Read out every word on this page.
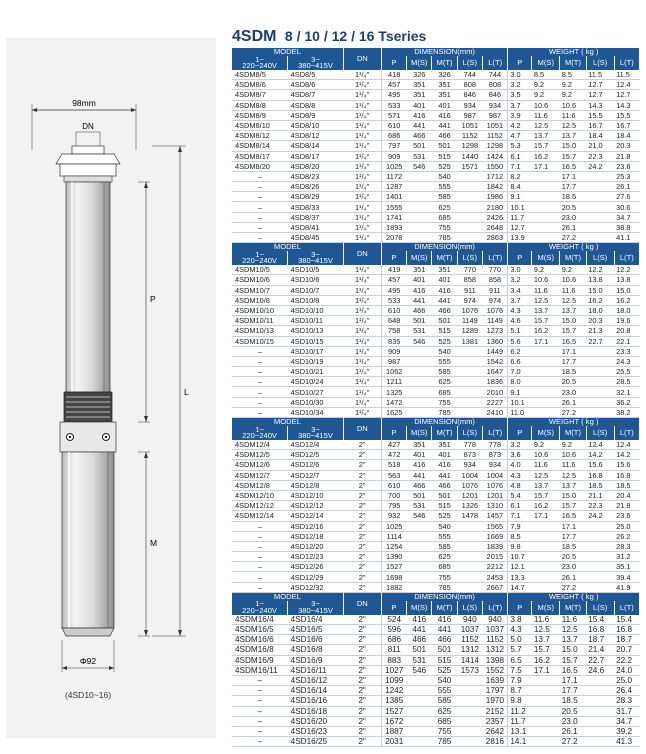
98mm
DN
P
L
M
Φ92
(4SD10~16)
4SDM 8 / 10 / 12 / 16 Tseries
MODEL		DN	DIMENSION(mm)					WEIGHT ( kg )				
1~
220~240V	3~
380~415V		P	M(S)	M(T)	L(S)	L(T)	P	M(S)	M(T)	L(S)	L(T)
4SDM8/5	4SD8/5	1¹/₄"	418	326	326	744	744	3.0	8.5	8.5	11.5	11.5
4SDM8/6	4SD8/6	1¹/₄"	457	351	351	808	808	3.2	9.2	9.2	12.7	12.4
4SDM8/7	4SD8/7	1¹/₄"	495	351	351	846	846	3.5	9.2	9.2	12.7	12.7
4SDM8/8	4SD8/8	1¹/₄"	533	401	401	934	934	3.7	10.6	10.6	14.3	14.3
4SDM8/9	4SD8/9	1¹/₄"	571	416	416	987	987	3.9	11.6	11.6	15.5	15.5
4SDM8/10	4SD8/10	1¹/₄"	610	441	441	1051	1051	4.2	12.5	12.5	16.7	16.7
4SDM8/12	4SD8/12	1¹/₄"	686	466	466	1152	1152	4.7	13.7	13.7	18.4	18.4
4SDM8/14	4SD8/14	1¹/₄"	797	501	501	1298	1298	5.3	15.7	15.0	21.0	20.3
4SDM8/17	4SD8/17	1¹/₄"	909	531	515	1440	1424	6.1	16.2	15.7	22.3	21.8
4SDM8/20	4SD8/20	1¹/₄"	1025	546	525	1571	1550	7.1	17.1	16.5	24.2	23.6
–	4SD8/23	1¹/₄"	1172		540		1712	8.2		17.1		25.3
–	4SD8/26	1¹/₄"	1287		555		1842	8.4		17.7		26.1
–	4SD8/29	1¹/₄"	1401		585		1986	9.1		18.5		27.6
–	4SD8/33	1¹/₄"	1555		625		2180	10.1		20.5		30.6
–	4SD8/37	1¹/₄"	1741		685		2426	11.7		23.0		34.7
–	4SD8/41	1¹/₄"	1893		755		2648	12.7		26.1		38.8
–	4SD8/45	1¹/₄"	2078		785		2863	13.9		27.2		41.1
MODEL		DN	DIMENSION(mm)					WEIGHT ( kg )				
1~
220~240V	3~
380~415V		P	M(S)	M(T)	L(S)	L(T)	P	M(S)	M(T)	L(S)	L(T)
4SDM10/5	4SD10/5	1¹/₄"	419	351	351	770	770	3.0	9.2	9.2	12.2	12.2
4SDM10/6	4SD10/6	1¹/₄"	457	401	401	858	858	3.2	10.6	10.6	13.8	13.8
4SDM10/7	4SD10/7	1¹/₄"	495	416	416	911	911	3.4	11.6	11.6	15.0	15.0
4SDM10/8	4SD10/8	1¹/₄"	533	441	441	974	974	3.7	12.5	12.5	16.2	16.2
4SDM10/10	4SD10/10	1¹/₄"	610	466	466	1076	1076	4.3	13.7	13.7	18.0	18.0
4SDM10/11	4SD10/11	1¹/₄"	648	501	501	1149	1149	4.6	15.7	15.0	20.3	19.6
4SDM10/13	4SD10/13	1¹/₄"	758	531	515	1289	1273	5.1	16.2	15.7	21.3	20.8
4SDM10/15	4SD10/15	1¹/₄"	835	546	525	1381	1360	5.6	17.1	16.5	22.7	22.1
–	4SD10/17	1¹/₄"	909		540		1449	6.2		17.1		23.3
–	4SD10/19	1¹/₄"	987		555		1542	6.6		17.7		24.3
–	4SD10/21	1¹/₄"	1062		585		1647	7.0		18.5		25.5
–	4SD10/24	1¹/₄"	1211		625		1836	8.0		20.5		28.5
–	4SD10/27	1¹/₄"	1325		685		2010	9.1		23.0		32.1
–	4SD10/30	1¹/₄"	1472		755		2227	10.1		26.1		36.2
–	4SD10/34	1¹/₄"	1625		785		2410	11.0		27.2		38.2
MODEL		DN	DIMENSION(mm)					WEIGHT ( kg )				
1~
220~240V	3~
380~415V		P	M(S)	M(T)	L(S)	L(T)	P	M(S)	M(T)	L(S)	L(T)
4SDM12/4	4SD12/4	2"	427	351	351	778	778	3.2	9.2	9.2	12.4	12.4
4SDM12/5	4SD12/5	2"	472	401	401	873	873	3.6	10.6	10.6	14.2	14.2
4SDM12/6	4SD12/6	2"	518	416	416	934	934	4.0	11.6	11.6	15.6	15.6
4SDM12/7	4SD12/7	2"	563	441	441	1004	1004	4.3	12.5	12.5	16.8	16.8
4SDM12/8	4SD12/8	2"	610	466	466	1076	1076	4.8	13.7	13.7	18.5	18.5
4SDM12/10	4SD12/10	2"	700	501	501	1201	1201	5.4	15.7	15.0	21.1	20.4
4SDM12/12	4SD12/12	2"	795	531	515	1326	1310	6.1	16.2	15.7	22.3	21.8
4SDM12/14	4SD12/14	2"	932	546	525	1478	1457	7.1	17.1	16.5	24.2	23.6
–	4SD12/16	2"	1025		540		1565	7.9		17.1		25.0
–	4SD12/18	2"	1114		555		1669	8.5		17.7		26.2
–	4SD12/20	2"	1254		585		1839	9.8		18.5		28.3
–	4SD12/23	2"	1390		625		2015	10.7		20.5		31.2
–	4SD12/26	2"	1527		685		2212	12.1		23.0		35.1
–	4SD12/29	2"	1698		755		2453	13.3		26.1		39.4
–	4SD12/32	2"	1882		785		2667	14.7		27.2		41.9
MODEL		DN	DIMENSION(mm)					WEIGHT ( kg )				
1~
220~240V	3~
380~415V		P	M(S)	M(T)	L(S)	L(T)	P	M(S)	M(T)	L(S)	L(T)
4SDM16/4	4SD16/4	2"	524	416	416	940	940	3.8	11.6	11.6	15.4	15.4
4SDM16/5	4SD16/5	2"	596	441	441	1037	1037	4.3	12.5	12.5	16.8	16.8
4SDM16/6	4SD16/6	2"	686	466	466	1152	1152	5.0	13.7	13.7	18.7	18.7
4SDM16/8	4SD16/8	2"	811	501	501	1312	1312	5.7	15.7	15.0	21.4	20.7
4SDM16/9	4SD16/9	2"	883	531	515	1414	1398	6.5	16.2	15.7	22.7	22.2
4SDM16/11	4SD16/11	2"	1027	546	525	1573	1552	7.5	17.1	16.5	24.6	24.0
–	4SD16/12	2"	1099		540		1639	7.9		17.1		25.0
–	4SD16/14	2"	1242		555		1797	8.7		17.7		26.4
–	4SD16/16	2"	1385		585		1970	9.8		18.5		28.3
–	4SD16/18	2"	1527		625		2152	11.2		20.5		31.7
–	4SD16/20	2"	1672		685		2357	11.7		23.0		34.7
–	4SD16/23	2"	1887		755		2642	13.1		26.1		39.2
–	4SD16/25	2"	2031		785		2816	14.1		27.2		41.3
